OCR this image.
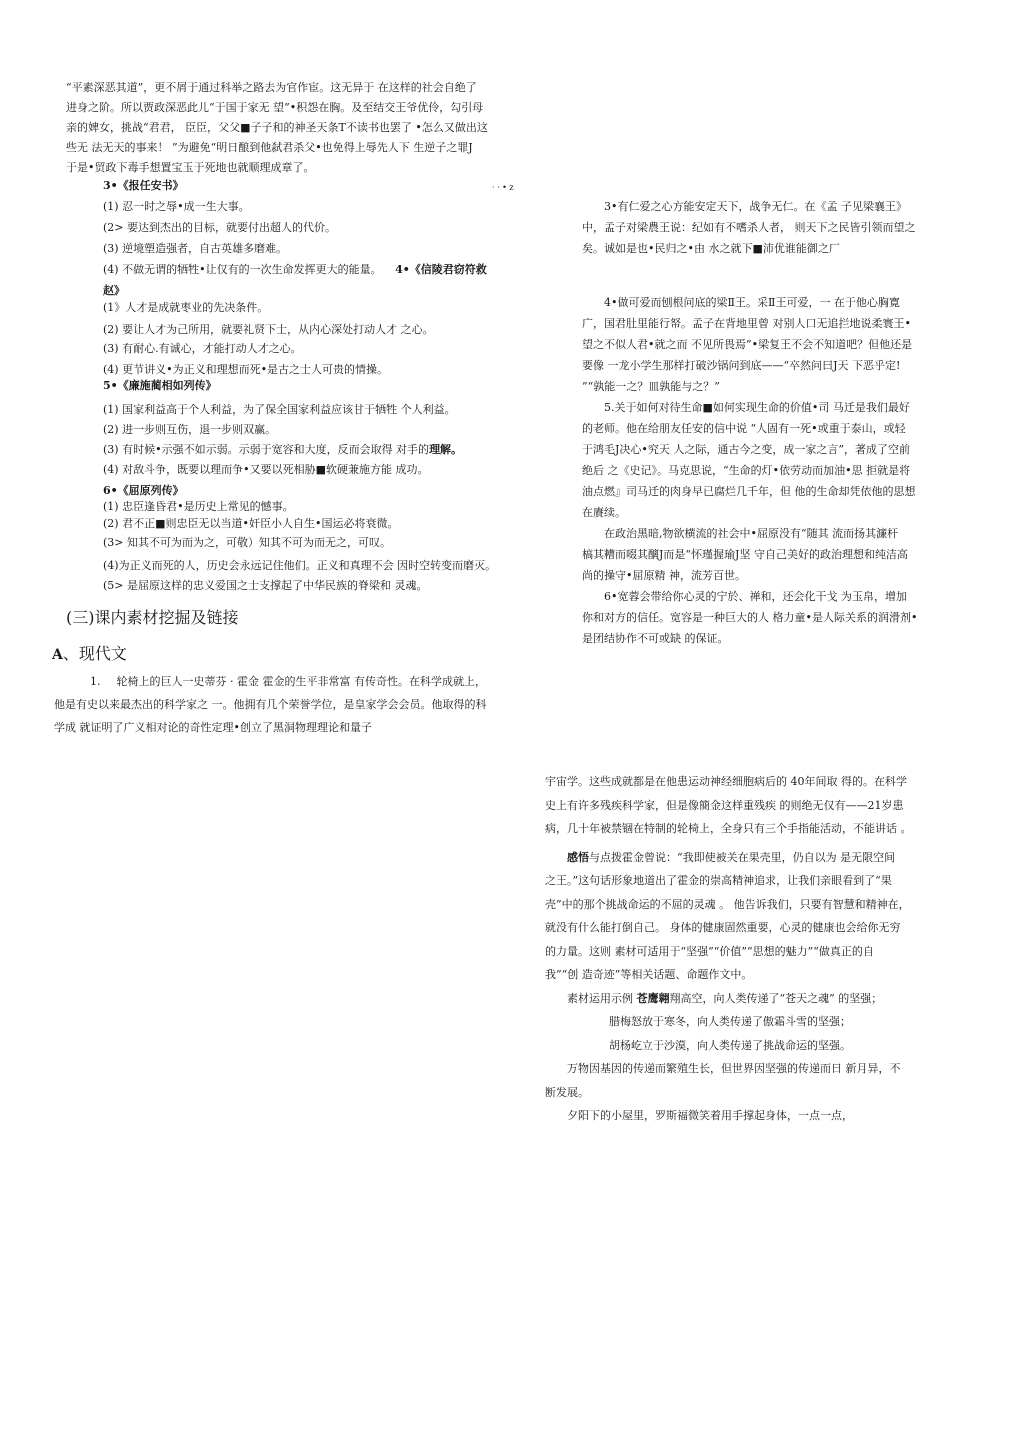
“平素深恶其道”，更不屑于通过科举之路去为官作宦。这无异于 在这样的社会自绝了

进身之阶。所以贾政深恶此儿“于国于家无 望”•积怨在胸。及至结交王爷优伶，勾引母

亲的婢女，挑战“君君， 臣臣，父父■子子和的神圣天条T不读书也罢了 •怎么又做出这

些无 法无天的事来！ ”为避免“明日酿到他弑君杀父•也免得上辱先人下 生逆子之罪J

于是•贸政下毒手想置宝玉于死地也就顺理成章了。

3•《报任安书》	· · • z

(1) 忍一时之辱•成一生大事。

(2> 要达到杰出的目标，就要付出超人的代价。

(3) 逆境塑造强者，自古英雄多磨难。

(4) 不做无谓的牺牲•让仅有的一次生命发挥更大的能量。 4•《信陵君窃符救

赵》

(1》人才是成就枣业的先决条件。

(2) 要让人才为己所用，就要礼贤下士，从内心深处打动人才 之心。

(3) 有耐心.有诚心，才能打动人才之心。

(4) 更节讲义•为正义和理想而死•是古之士人可贵的情操。

5•《廉施蔺相如列传》

(1) 国家利益高于个人利益，为了保全国家利益应该甘于牺牲 个人利益。

(2) 进一步则互伤，退一步则双赢。

(3) 有时候•示强不如示弱。示弱于宽容和大度，反而会取得 对手的理解。

(4) 对敌斗争，既要以理而争•又要以死相胁■软硬兼施方能 成功。

6•《屈原列传》

(1) 忠臣逢昏君•是历史上常见的憾事。

(2) 君不正■则忠臣无以当道•奸臣小人自生•国运必将衰微。

(3> 知其不可为而为之，可敬）知其不可为而无之，可叹。

(4)为正义而死的人，历史会永远记住他们。正义和真理不会 因时空转变而磨灭。

(5> 是屈原这样的忠义爱国之士支撑起了中华民族的脊梁和 灵魂。

(三)课内素材挖掘及链接
A、现代文

1. 轮椅上的巨人一史蒂芬 · 霍金 霍金的生平非常富 有传奇性。在科学成就上，

他是有史以来最杰出的科学家之 一。他拥有几个荣誉学位，是皇家学会会员。他取得的科

学成 就证明了广义相对论的奇性定理•创立了黑洞物理理论和量子

3•有仁爱之心方能安定天下，战争无仁。在《孟 子见梁襄王》

中，孟子对梁農王说：纪如有不嗜杀人者， 则天下之民皆引领而望之

矣。诚如是也•民归之•由 水之就下■沛优谁能御之厂

4•做可爱而刨根问底的梁Ⅱ王。采Ⅱ王可爱，一 在于他心胸寛

广，国君肚里能行帑。孟子在背地里曾 对别人口无追拦地说柔寰王•

望之不似人君•就之而 不见所畏焉”•梁复王不会不知道吧？但他还是

要像 一龙小学生那样打破沙锅问到底——“卒然问曰J天 下恶乎定!

”“孰能一之？皿孰能与之？”

5.关于如何对待生命■如何实现生命的价值•司 马迁是我们最好

的老师。他在给朋友任安的信中说 “人固有一死•或重于泰山，或轻

于鸿毛J决心•究天 人之际，通古今之变，成一家之言”，著成了空前

绝后 之《史记》。马克思说，“生命的灯•依劳动而加油•思 拒就是将

油点燃』司马迁的肉身早已腐烂几千年，但 他的生命却凭依他的思想

在賡续。

在政治黑暗,物欲横流的社会中•屈原没有“随其 流而扬其濂杆

槁其糟而啜其醨J而是“怀瑾握瑜J坚 守自己美好的政治理想和纯洁高

尚的操守•屈原精 神，流芳百世。

6•宽蓉会带给你心灵的宁於、禅和，还会化干戈 为玉帛，增加

你和对方的信任。宽容是一种巨大的人 格力童•是人际关系的润滑剂•

是团结协作不可或缺 的保证。

宇宙学。这些成就都是在他患运动神经细胞病后的 40年间取 得的。在科学

史上有许多残疾科学家，但是像簡金这样重残疾 的则绝无仅有——21岁患

病，几十年被禁锢在特制的轮椅上，全身只有三个手指能活动，不能讲话 。

感悟与点拨霍金曾说：“我即使被关在果壳里，仍自以为 是无限空间

之王。”这句话形象地道出了霍金的崇高精神追求，让我们亲眼看到了“果

壳”中的那个挑战命运的不屈的灵魂 。 他告诉我们，只要有智慧和精神在，

就没有什么能打倒自己。 身体的健康固然重要，心灵的健康也会给你无穷

的力量。这则 素材可适用于“坚强”“价值”“思想的魅力”“做真正的自

我”“创 造奇迹”等相关话题、命题作文中。

素材运用示例 苍鹰翱翔高空，向人类传递了“苍天之魂” 的坚强；

腊梅怒放于寒冬，向人类传递了傲霜斗雪的坚强；

胡杨屹立于沙漠，向人类传递了挑战命运的坚强。

万物因基因的传递而繁殖生长，但世界因坚强的传递而日 新月异，不

断发展。

夕阳下的小屋里，罗斯福微笑着用手撑起身体，一点一点，
